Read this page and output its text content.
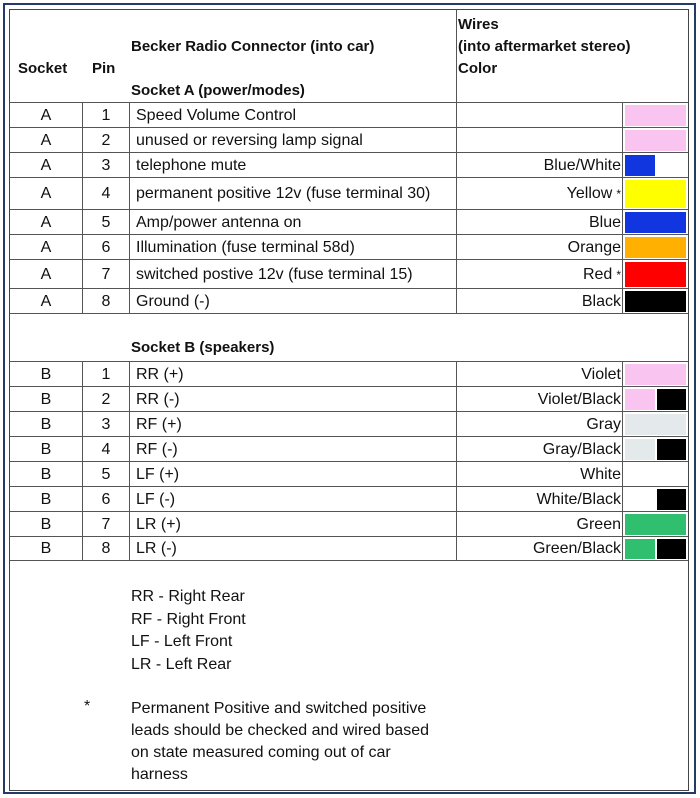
Socket Pin
Becker Radio Connector (into car)
Socket A (power/modes)
Wires
(into aftermarket stereo)
Color
A	1	Speed Volume Control
A	2	unused or reversing lamp signal
A	3	telephone mute	Blue/White
A	4	permanent positive 12v (fuse terminal 30)	Yellow *
A	5	Amp/power antenna on	Blue
A	6	Illumination (fuse terminal 58d)	Orange
A	7	switched postive 12v (fuse terminal 15)	Red *
A	8	Ground (-)	Black
Socket B (speakers)
B	1	RR (+)	Violet
B	2	RR (-)	Violet/Black
B	3	RF (+)	Gray
B	4	RF (-)	Gray/Black
B	5	LF (+)	White
B	6	LF (-)	White/Black
B	7	LR (+)	Green
B	8	LR (-)	Green/Black
RR - Right Rear
RF - Right Front
LF - Left Front
LR - Left Rear
*	Permanent Positive and switched positive
leads should be checked and wired based
on state measured coming out of car
harness
